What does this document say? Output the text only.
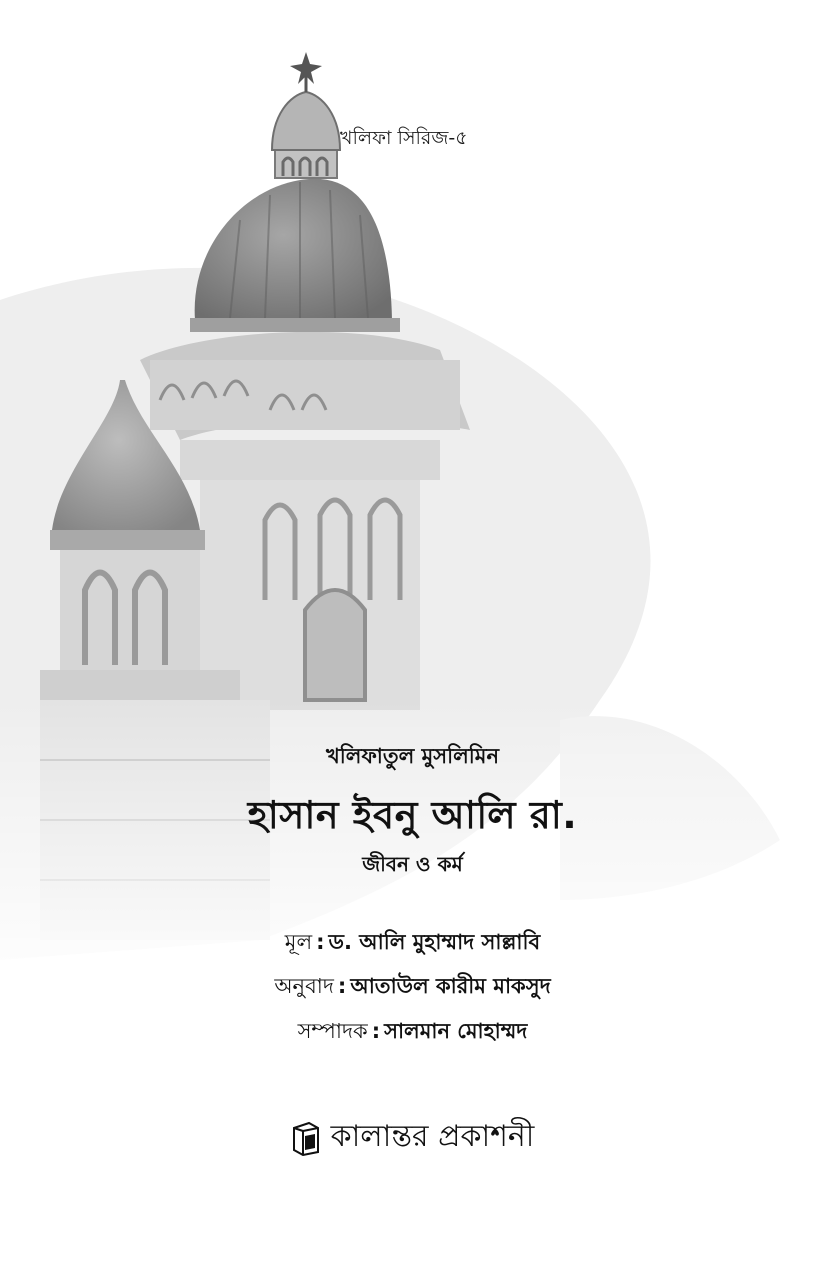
খলিফা সিরিজ-৫
খলিফাতুল মুসলিমিন
হাসান ইবনু আলি রা.
জীবন ও কর্ম
মূল : ড. আলি মুহাম্মাদ সাল্লাবি
অনুবাদ : আতাউল কারীম মাকসুদ
সম্পাদক : সালমান মোহাম্মদ
কালান্তর প্রকাশনী
